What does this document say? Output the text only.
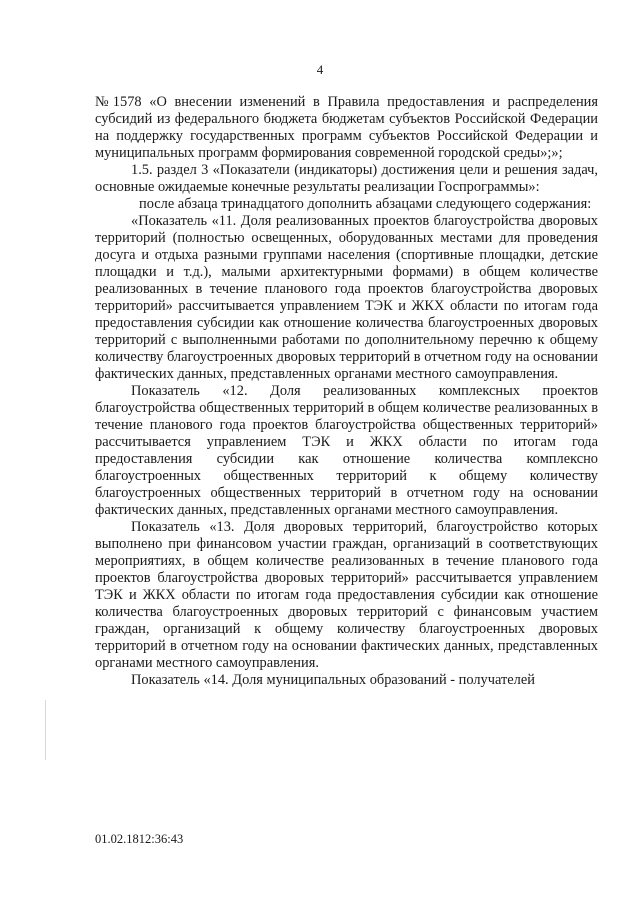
4

№1578 «О внесении изменений в Правила предоставления и распределения субсидий из федерального бюджета бюджетам субъектов Российской Федерации на поддержку государственных программ субъектов Российской Федерации и муниципальных программ формирования современной городской среды»;»;

1.5. раздел 3 «Показатели (индикаторы) достижения цели и решения задач, основные ожидаемые конечные результаты реализации Госпрограммы»:

после абзаца тринадцатого дополнить абзацами следующего содержания:

«Показатель «11. Доля реализованных проектов благоустройства дворовых территорий (полностью освещенных, оборудованных местами для проведения досуга и отдыха разными группами населения (спортивные площадки, детские площадки и т.д.), малыми архитектурными формами) в общем количестве реализованных в течение планового года проектов благоустройства дворовых территорий» рассчитывается управлением ТЭК и ЖКХ области по итогам года предоставления субсидии как отношение количества благоустроенных дворовых территорий с выполненными работами по дополнительному перечню к общему количеству благоустроенных дворовых территорий в отчетном году на основании фактических данных, представленных органами местного самоуправления.

Показатель «12. Доля реализованных комплексных проектов благоустройства общественных территорий в общем количестве реализованных в течение планового года проектов благоустройства общественных территорий» рассчитывается управлением ТЭК и ЖКХ области по итогам года предоставления субсидии как отношение количества комплексно благоустроенных общественных территорий к общему количеству благоустроенных общественных территорий в отчетном году на основании фактических данных, представленных органами местного самоуправления.

Показатель «13. Доля дворовых территорий, благоустройство которых выполнено при финансовом участии граждан, организаций в соответствующих мероприятиях, в общем количестве реализованных в течение планового года проектов благоустройства дворовых территорий» рассчитывается управлением ТЭК и ЖКХ области по итогам года предоставления субсидии как отношение количества благоустроенных дворовых территорий с финансовым участием граждан, организаций к общему количеству благоустроенных дворовых территорий в отчетном году на основании фактических данных, представленных органами местного самоуправления.

Показатель «14. Доля муниципальных образований - получателей

01.02.1812:36:43
